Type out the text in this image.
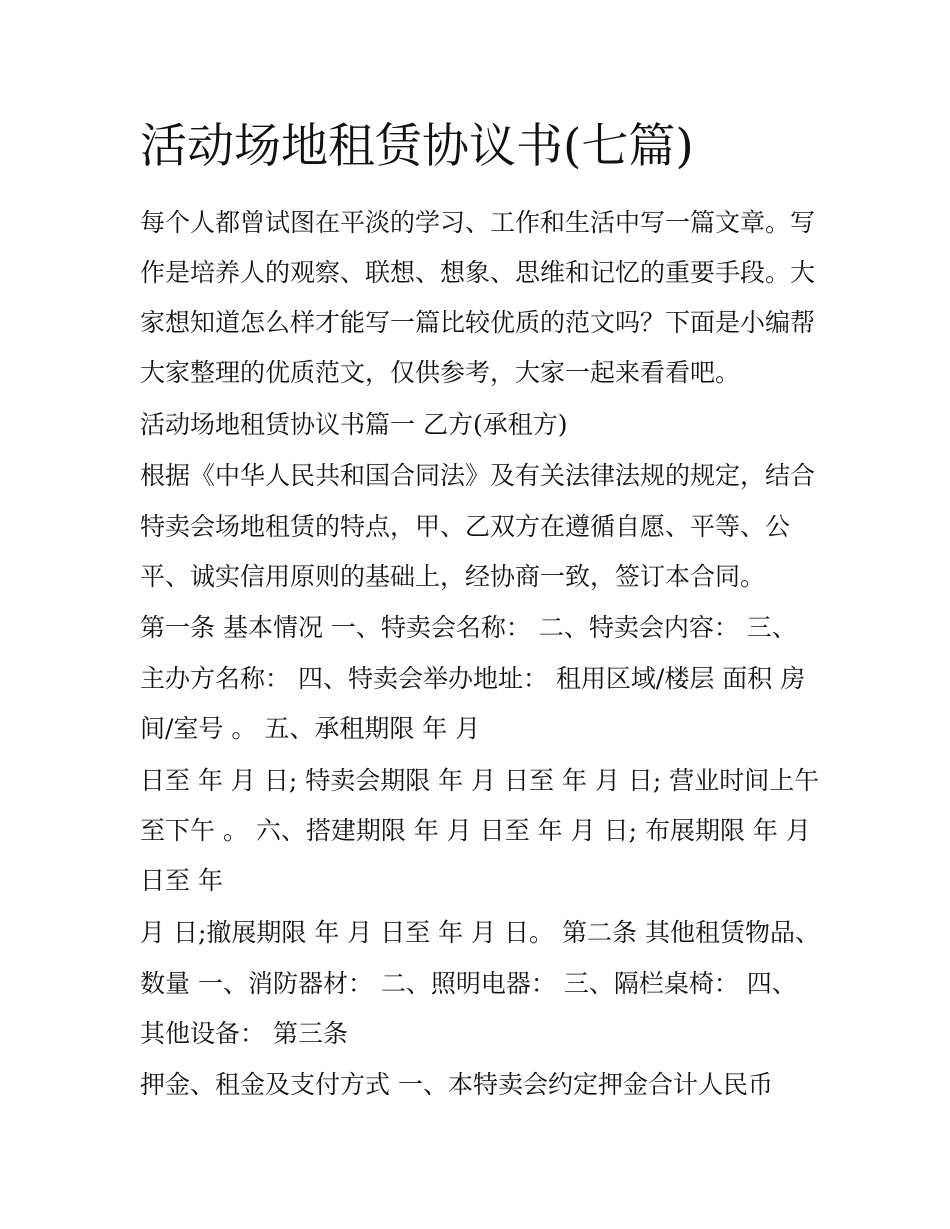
活动场地租赁协议书(七篇)

每个人都曾试图在平淡的学习、工作和生活中写一篇文章。写

作是培养人的观察、联想、想象、思维和记忆的重要手段。大

家想知道怎么样才能写一篇比较优质的范文吗？下面是小编帮

大家整理的优质范文，仅供参考，大家一起来看看吧。

活动场地租赁协议书篇一 乙方(承租方)

根据《中华人民共和国合同法》及有关法律法规的规定，结合

特卖会场地租赁的特点，甲、乙双方在遵循自愿、平等、公

平、诚实信用原则的基础上，经协商一致，签订本合同。

第一条 基本情况 一、特卖会名称： 二、特卖会内容： 三、

主办方名称： 四、特卖会举办地址： 租用区域/楼层 面积 房

间/室号 。 五、承租期限 年 月

日至 年 月 日; 特卖会期限 年 月 日至 年 月 日; 营业时间上午

至下午 。 六、搭建期限 年 月 日至 年 月 日; 布展期限 年 月

日至 年

月 日;撤展期限 年 月 日至 年 月 日。 第二条 其他租赁物品、

数量 一、消防器材： 二、照明电器： 三、隔栏桌椅： 四、

其他设备： 第三条

押金、租金及支付方式 一、本特卖会约定押金合计人民币
